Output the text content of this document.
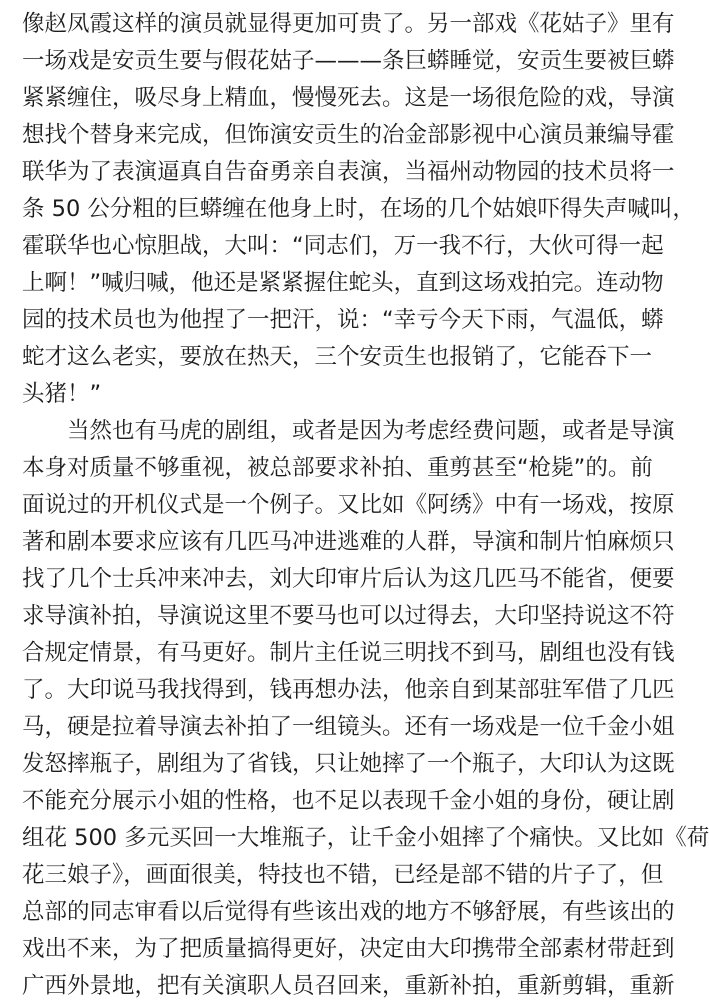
像赵凤霞这样的演员就显得更加可贵了。另一部戏《花姑子》里有
一场戏是安贡生要与假花姑子———条巨蟒睡觉，安贡生要被巨蟒
紧紧缠住，吸尽身上精血，慢慢死去。这是一场很危险的戏，导演
想找个替身来完成，但饰演安贡生的冶金部影视中心演员兼编导霍
联华为了表演逼真自告奋勇亲自表演，当福州动物园的技术员将一
条 50 公分粗的巨蟒缠在他身上时，在场的几个姑娘吓得失声喊叫，
霍联华也心惊胆战，大叫：“同志们，万一我不行，大伙可得一起
上啊！”喊归喊，他还是紧紧握住蛇头，直到这场戏拍完。连动物
园的技术员也为他捏了一把汗，说：“幸亏今天下雨，气温低，蟒
蛇才这么老实，要放在热天，三个安贡生也报销了，它能吞下一
头猪！”
当然也有马虎的剧组，或者是因为考虑经费问题，或者是导演
本身对质量不够重视，被总部要求补拍、重剪甚至“枪毙”的。前
面说过的开机仪式是一个例子。又比如《阿绣》中有一场戏，按原
著和剧本要求应该有几匹马冲进逃难的人群，导演和制片怕麻烦只
找了几个士兵冲来冲去，刘大印审片后认为这几匹马不能省，便要
求导演补拍，导演说这里不要马也可以过得去，大印坚持说这不符
合规定情景，有马更好。制片主任说三明找不到马，剧组也没有钱
了。大印说马我找得到，钱再想办法，他亲自到某部驻军借了几匹
马，硬是拉着导演去补拍了一组镜头。还有一场戏是一位千金小姐
发怒摔瓶子，剧组为了省钱，只让她摔了一个瓶子，大印认为这既
不能充分展示小姐的性格，也不足以表现千金小姐的身份，硬让剧
组花 500 多元买回一大堆瓶子，让千金小姐摔了个痛快。又比如《荷
花三娘子》，画面很美，特技也不错，已经是部不错的片子了，但
总部的同志审看以后觉得有些该出戏的地方不够舒展，有些该出的
戏出不来，为了把质量搞得更好，决定由大印携带全部素材带赶到
广西外景地，把有关演职人员召回来，重新补拍，重新剪辑，重新
